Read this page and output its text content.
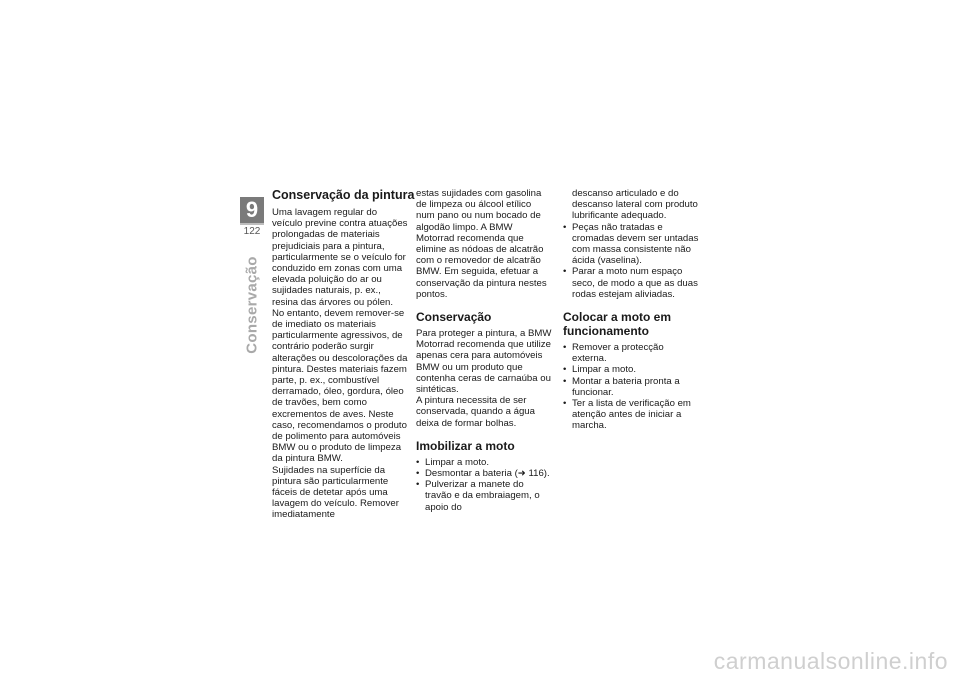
9
122
Conservação
Conservação da pintura

Uma lavagem regular do veículo previne contra atuações prolongadas de materiais prejudiciais para a pintura, particularmente se o veículo for conduzido em zonas com uma elevada poluição do ar ou sujidades naturais, p. ex., resina das árvores ou pólen.

No entanto, devem remover-se de imediato os materiais particularmente agressivos, de contrário poderão surgir alterações ou descolorações da pintura. Destes materiais fazem parte, p. ex., combustível derramado, óleo, gordura, óleo de travões, bem como excrementos de aves. Neste caso, recomendamos o produto de polimento para automóveis BMW ou o produto de limpeza da pintura BMW.

Sujidades na superfície da pintura são particularmente fáceis de detetar após uma lavagem do veículo. Remover imediatamente

estas sujidades com gasolina de limpeza ou álcool etílico num pano ou num bocado de algodão limpo. A BMW Motorrad recomenda que elimine as nódoas de alcatrão com o removedor de alcatrão BMW. Em seguida, efetuar a conservação da pintura nestes pontos.

Conservação

Para proteger a pintura, a BMW Motorrad recomenda que utilize apenas cera para automóveis BMW ou um produto que contenha ceras de carnaúba ou sintéticas.

A pintura necessita de ser conservada, quando a água deixa de formar bolhas.

Imobilizar a moto
• Limpar a moto.
• Desmontar a bateria (➜ 116).
• Pulverizar a manete do travão e da embraiagem, o apoio do

descanso articulado e do descanso lateral com produto lubrificante adequado.

• Peças não tratadas e cromadas devem ser untadas com massa consistente não ácida (vaselina).
• Parar a moto num espaço seco, de modo a que as duas rodas estejam aliviadas.
Colocar a moto em funcionamento
• Remover a protecção externa.
• Limpar a moto.
• Montar a bateria pronta a funcionar.
• Ter a lista de verificação em atenção antes de iniciar a marcha.
carmanualsonline.info
